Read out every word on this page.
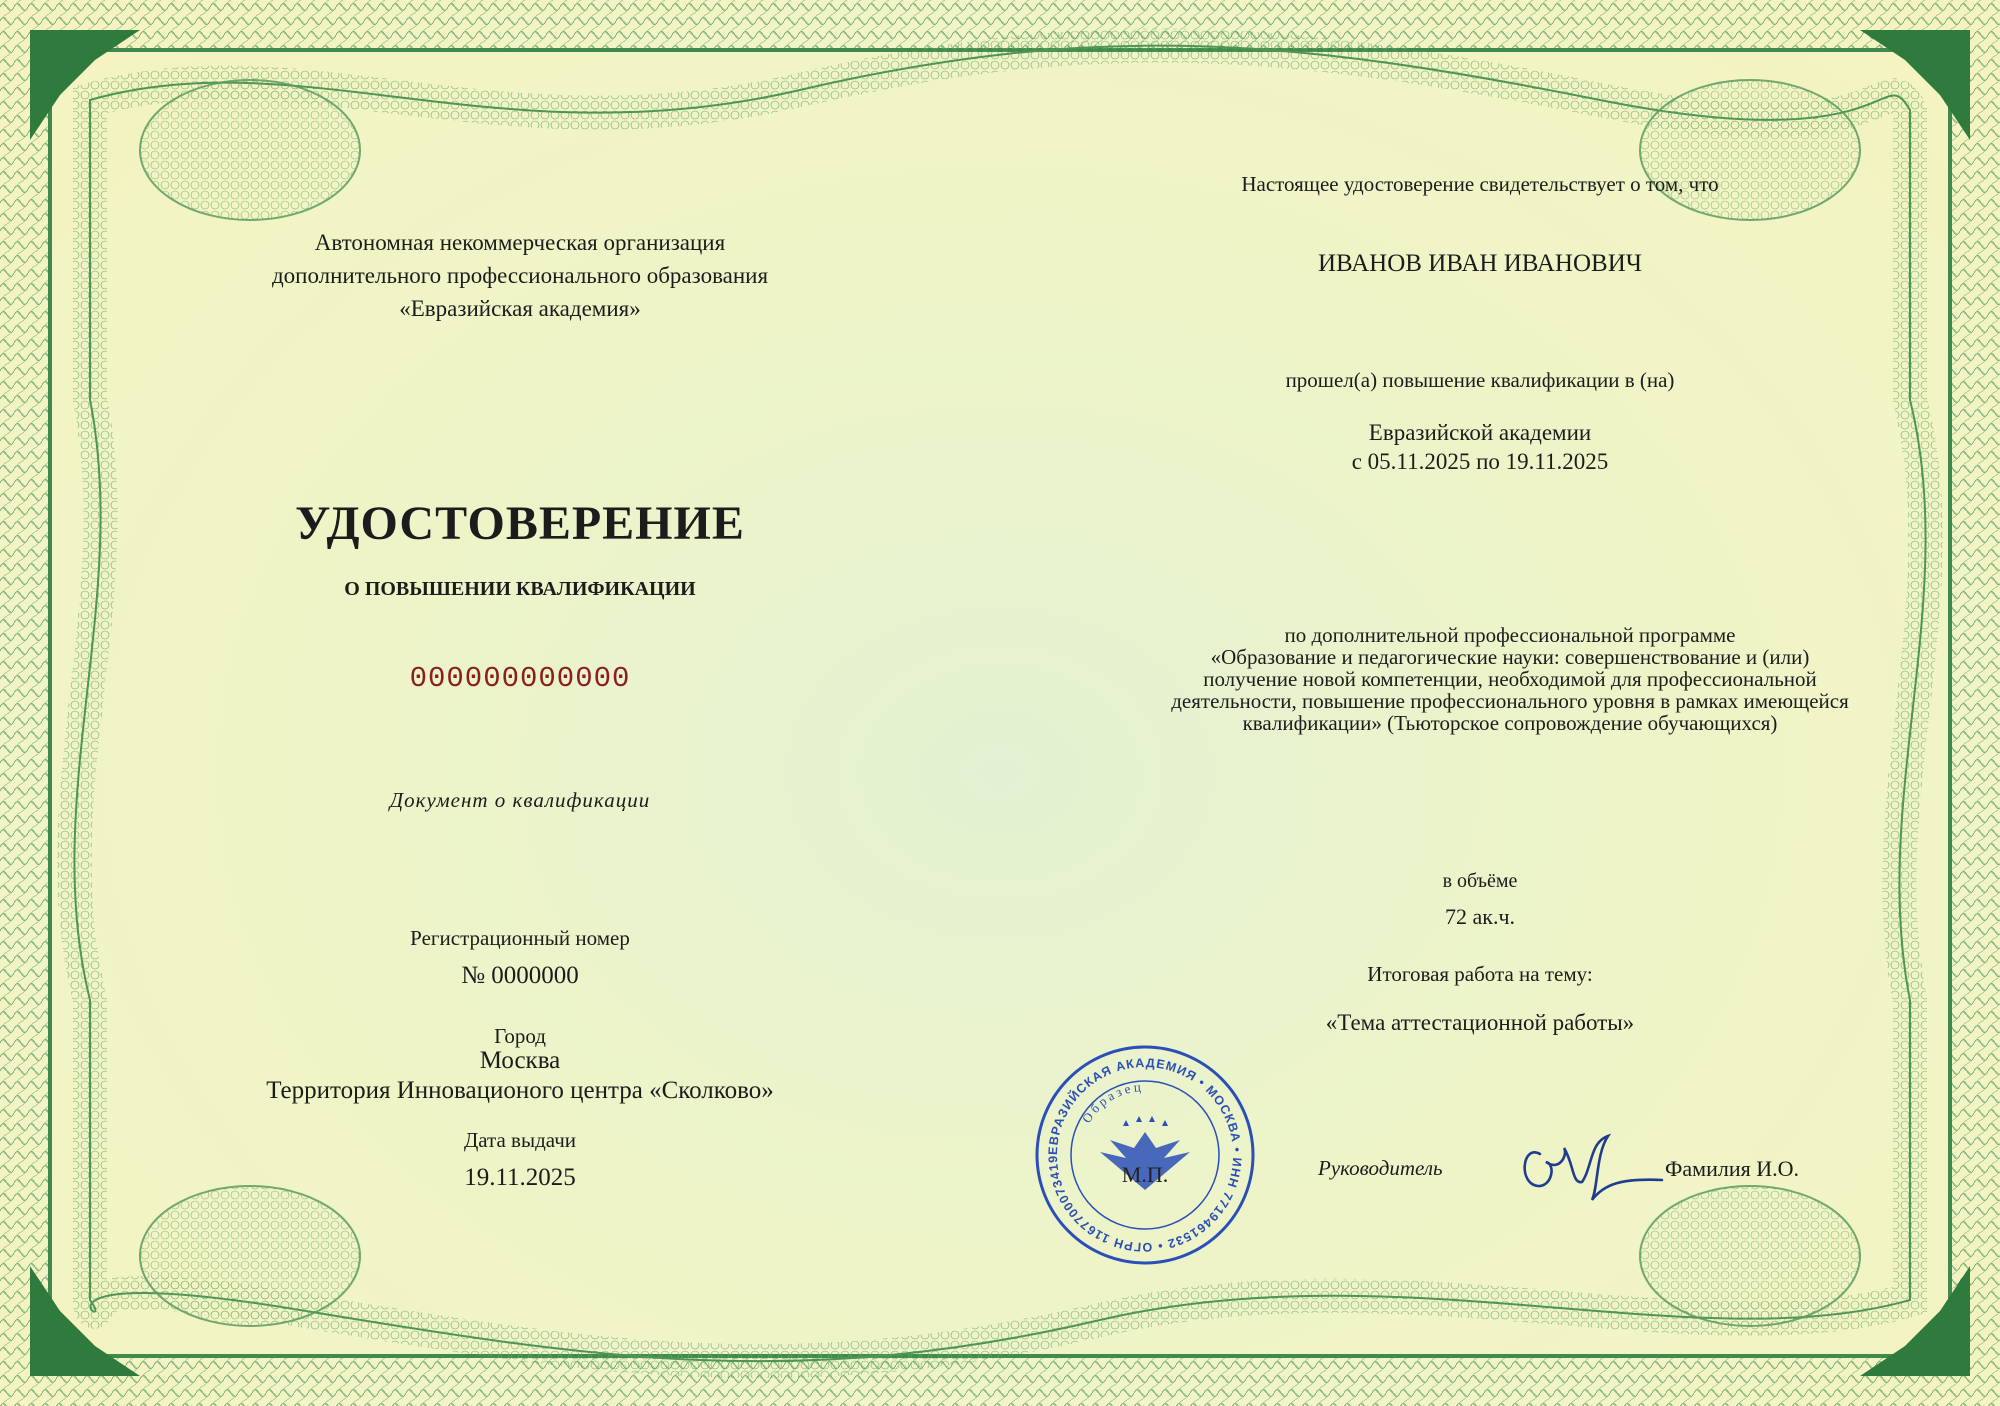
Автономная некоммерческая организация
дополнительного профессионального образования
«Евразийская академия»
УДОСТОВЕРЕНИЕ
О ПОВЫШЕНИИ КВАЛИФИКАЦИИ
000000000000
Документ о квалификации
Регистрационный номер
№ 0000000
Город
Москва
Территория Инновационого центра «Сколково»
Дата выдачи
19.11.2025
Настоящее удостоверение свидетельствует о том, что
ИВАНОВ ИВАН ИВАНОВИЧ
прошел(а) повышение квалификации в (на)
Евразийской академии
с 05.11.2025 по 19.11.2025
по дополнительной профессиональной программе
«Образование и педагогические науки: совершенствование и (или)
получение новой компетенции, необходимой для профессиональной
деятельности, повышение профессионального уровня в рамках имеющейся
квалификации» (Тьюторское сопровождение обучающихся)
в объёме
72 ак.ч.
Итоговая работа на тему:
«Тема аттестационной работы»
Руководитель	Фамилия И.О.
ЕВРАЗИЙСКАЯ АКАДЕМИЯ • МОСКВА • ИНН 7719461532 • ОГРН 1167700073419
Образец
М.П.
